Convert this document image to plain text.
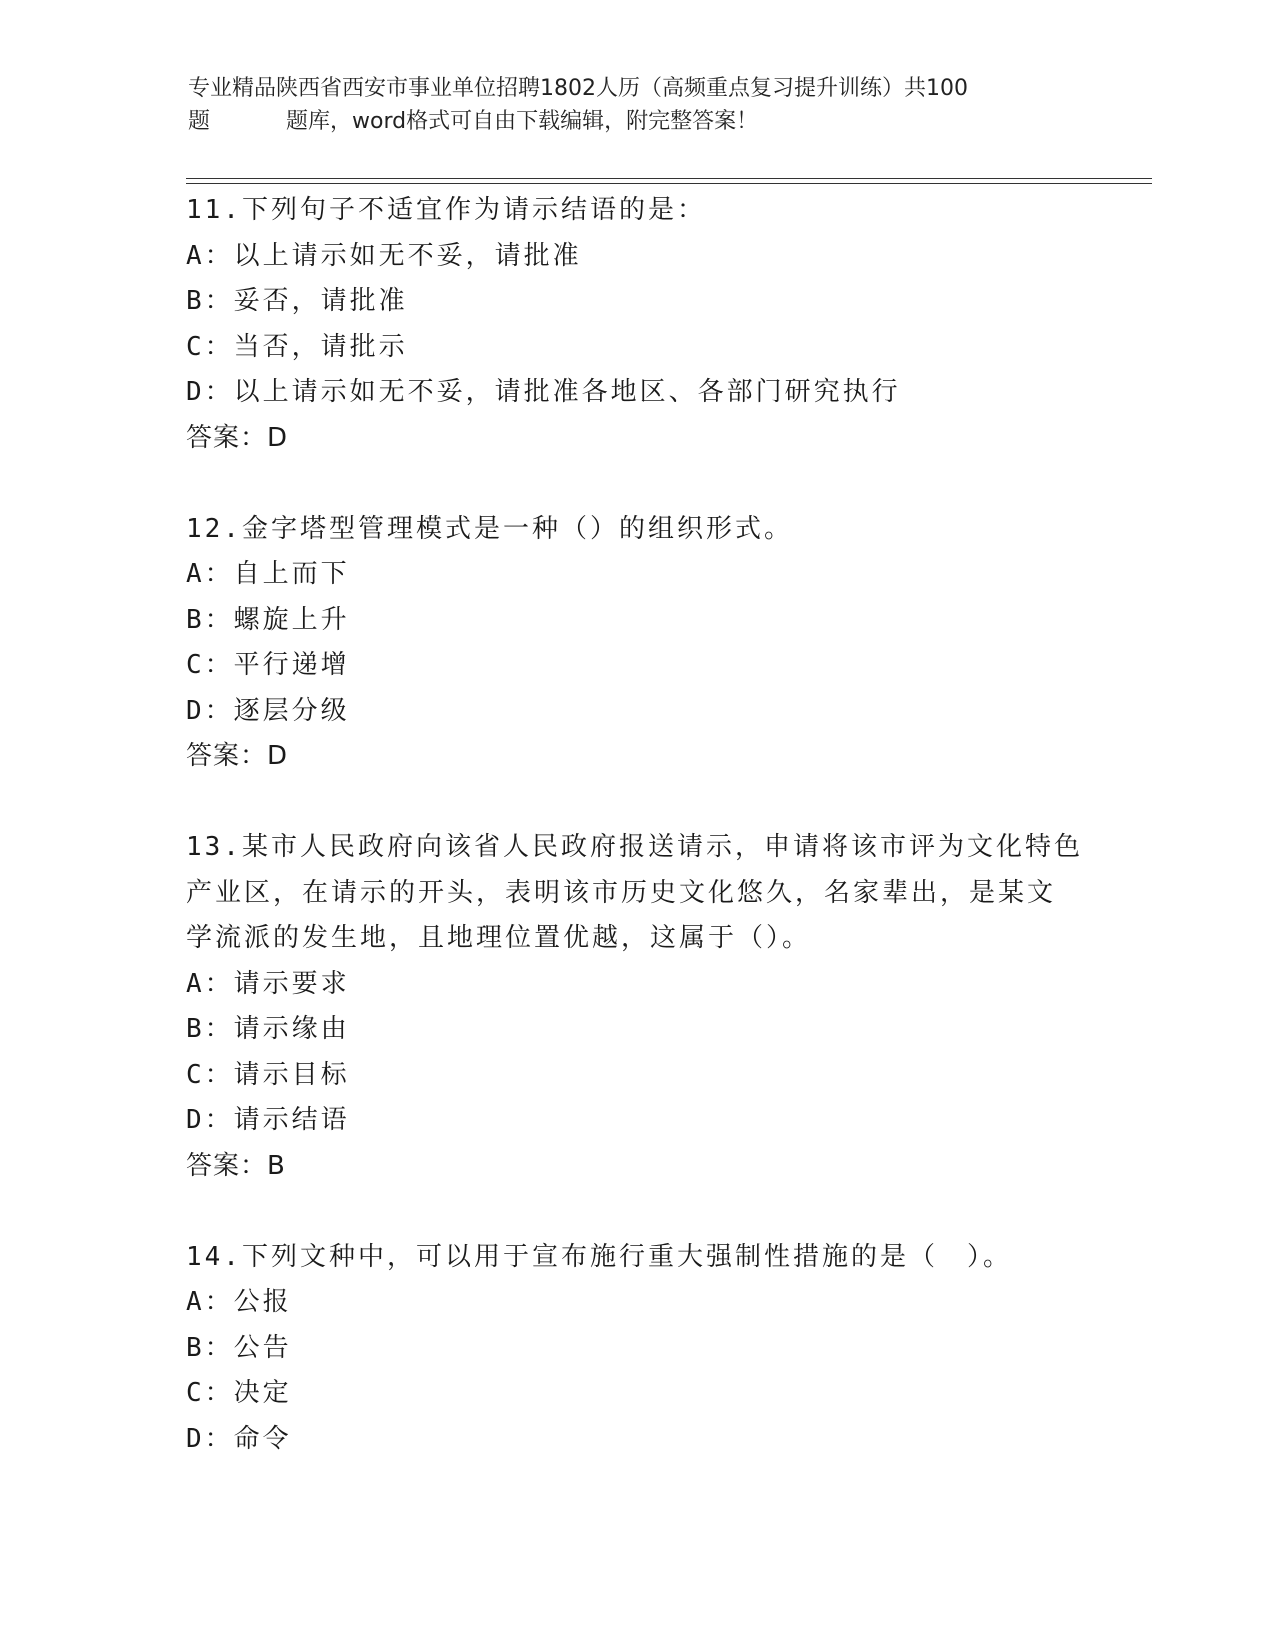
专业精品陕西省西安市事业单位招聘1802人历（高频重点复习提升训练）共100
题	题库，word格式可自由下载编辑，附完整答案！
11.下列句子不适宜作为请示结语的是：
A：以上请示如无不妥，请批准
B：妥否，请批准
C：当否，请批示
D：以上请示如无不妥，请批准各地区、各部门研究执行
答案：D
12.金字塔型管理模式是一种（）的组织形式。
A：自上而下
B：螺旋上升
C：平行递增
D：逐层分级
答案：D
13.某市人民政府向该省人民政府报送请示，申请将该市评为文化特色
产业区，在请示的开头，表明该市历史文化悠久，名家辈出，是某文
学流派的发生地，且地理位置优越，这属于（）。
A：请示要求
B：请示缘由
C：请示目标
D：请示结语
答案：B
14.下列文种中，可以用于宣布施行重大强制性措施的是（　）。
A：公报
B：公告
C：决定
D：命令
